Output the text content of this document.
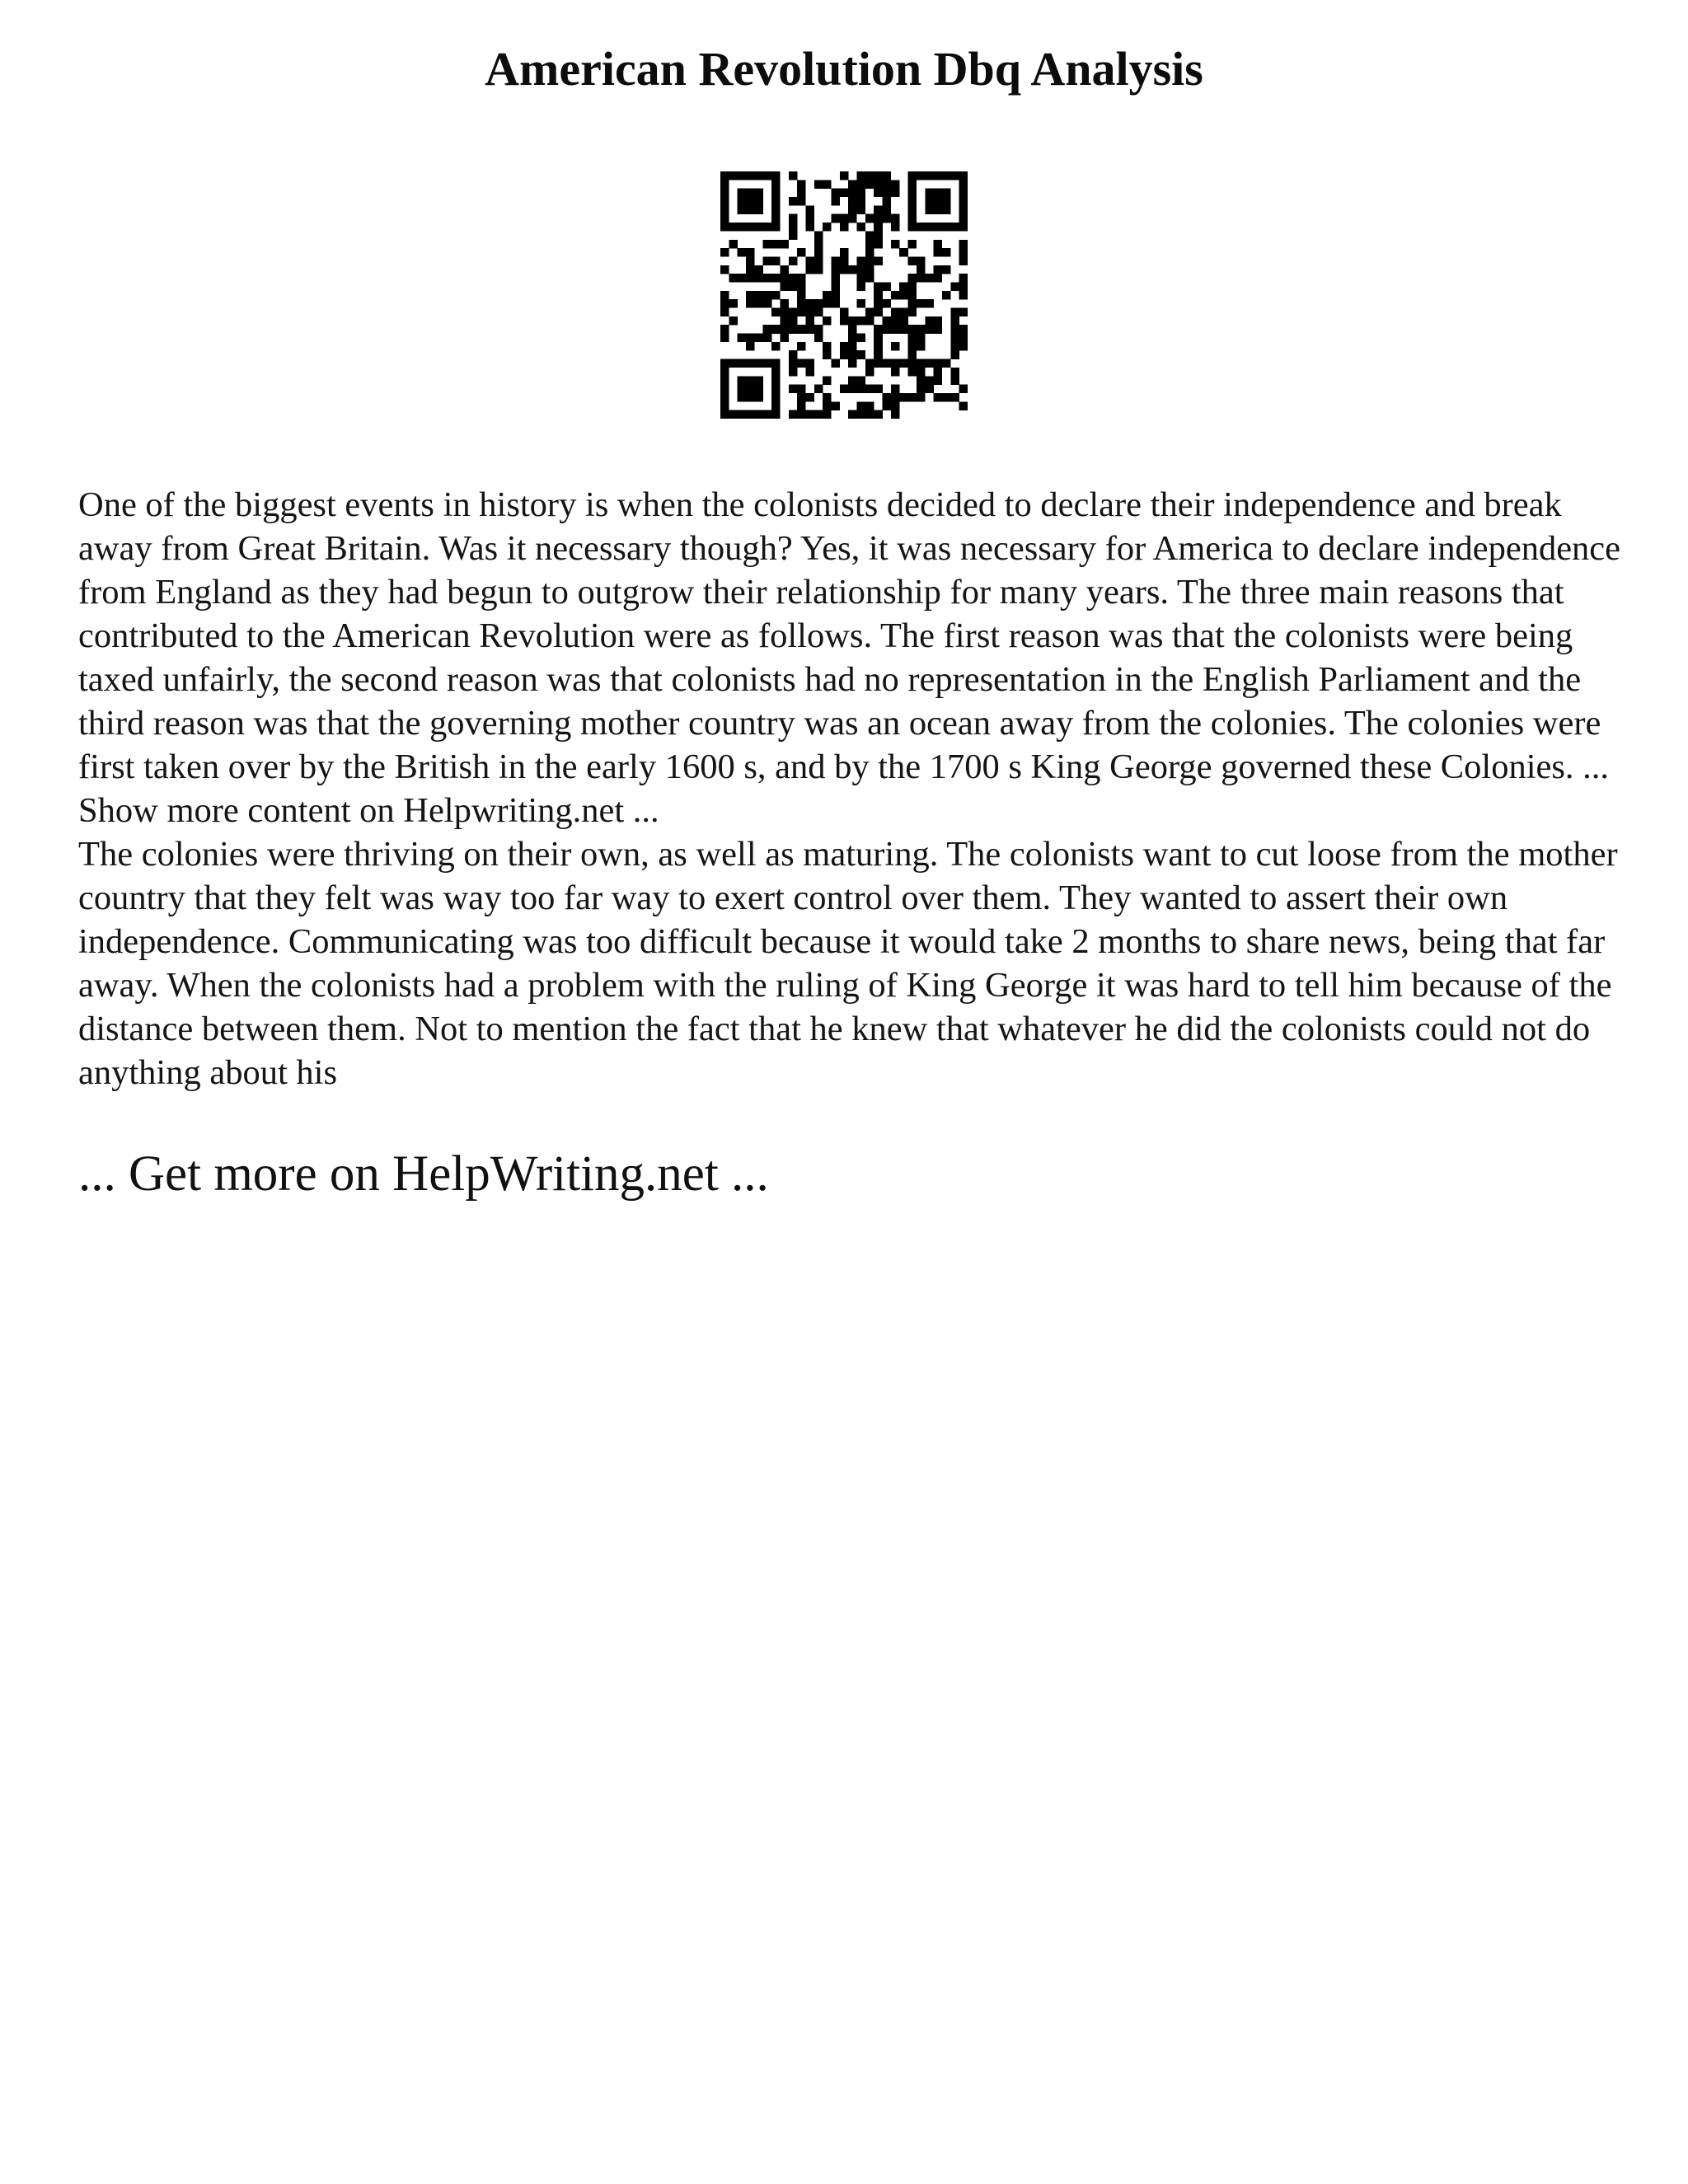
American Revolution Dbq Analysis

One of the biggest events in history is when the colonists decided to declare their independence and break away from Great Britain. Was it necessary though? Yes, it was necessary for America to declare independence from England as they had begun to outgrow their relationship for many years. The three main reasons that contributed to the American Revolution were as follows. The first reason was that the colonists were being taxed unfairly, the second reason was that colonists had no representation in the English Parliament and the third reason was that the governing mother country was an ocean away from the colonies. The colonies were first taken over by the British in the early 1600 s, and by the 1700 s King George governed these Colonies. ... Show more content on Helpwriting.net ...

The colonies were thriving on their own, as well as maturing. The colonists want to cut loose from the mother country that they felt was way too far way to exert control over them. They wanted to assert their own independence. Communicating was too difficult because it would take 2 months to share news, being that far away. When the colonists had a problem with the ruling of King George it was hard to tell him because of the distance between them. Not to mention the fact that he knew that whatever he did the colonists could not do anything about his

... Get more on HelpWriting.net ...
